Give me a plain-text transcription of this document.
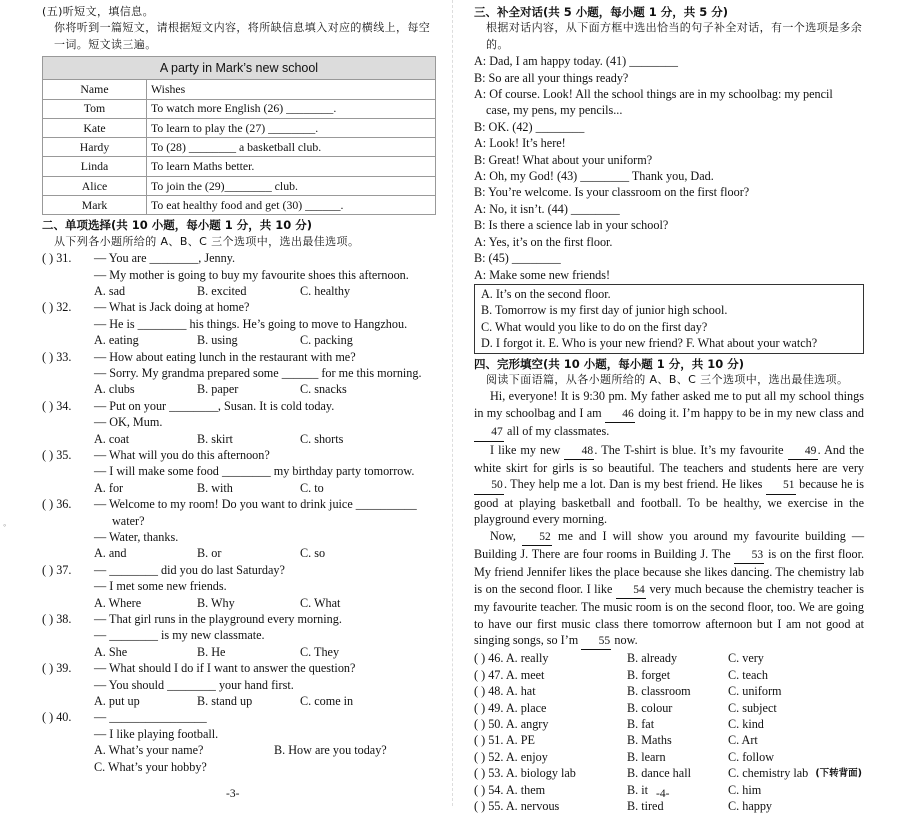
◦
(五)听短文，填信息。
你将听到一篇短文，请根据短文内容，将所缺信息填入对应的横线上，每空一词。短文读三遍。
A party in Mark’s new school	
Name	Wishes
Tom	To watch more English (26) ________.
Kate	To learn to play the (27) ________.
Hardy	To (28) ________ a basketball club.
Linda	To learn Maths better.
Alice	To join the (29)________ club.
Mark	To eat healthy food and get (30) ______.
二、单项选择(共 10 小题，每小题 1 分，共 10 分)
从下列各小题所给的 A、B、C 三个选项中，选出最佳选项。
( ) 31.	— You are ________, Jenny.
— My mother is going to buy my favourite shoes this afternoon.
A. sad	B. excited	C. healthy
( ) 32.	— What is Jack doing at home?
— He is ________ his things. He’s going to move to Hangzhou.
A. eating	B. using	C. packing
( ) 33.	— How about eating lunch in the restaurant with me?
— Sorry. My grandma prepared some ______ for me this morning.
A. clubs	B. paper	C. snacks
( ) 34.	— Put on your ________, Susan. It is cold today.
— OK, Mum.
A. coat	B. skirt	C. shorts
( ) 35.	— What will you do this afternoon?
— I will make some food ________ my birthday party tomorrow.
A. for	B. with	C. to
( ) 36.	— Welcome to my room! Do you want to drink juice __________
water?
— Water, thanks.
A. and	B. or	C. so
( ) 37.	— ________ did you do last Saturday?
— I met some new friends.
A. Where	B. Why	C. What
( ) 38.	— That girl runs in the playground every morning.
— ________ is my new classmate.
A. She	B. He	C. They
( ) 39.	— What should I do if I want to answer the question?
— You should ________ your hand first.
A. put up	B. stand up	C. come in
( ) 40.	— ________________
— I like playing football.
A. What’s your name?	B. How are you today?
C. What’s your hobby?
三、补全对话(共 5 小题，每小题 1 分，共 5 分)
根据对话内容，从下面方框中选出恰当的句子补全对话，有一个选项是多余的。
A: Dad, I am happy today. (41) ________
B: So are all your things ready?
A: Of course. Look! All the school things are in my schoolbag: my pencil
case, my pens, my pencils...
B: OK. (42) ________
A: Look! It’s here!
B: Great! What about your uniform?
A: Oh, my God! (43) ________ Thank you, Dad.
B: You’re welcome. Is your classroom on the first floor?
A: No, it isn’t. (44) ________
B: Is there a science lab in your school?
A: Yes, it’s on the first floor.
B: (45) ________
A: Make some new friends!
A. It’s on the second floor.
B. Tomorrow is my first day of junior high school.
C. What would you like to do on the first day?
D. I forgot it. E. Who is your new friend? F. What about your watch?
四、完形填空(共 10 小题，每小题 1 分，共 10 分)
阅读下面语篇，从各小题所给的 A、B、C 三个选项中，选出最佳选项。
Hi, everyone! It is 9:30 pm. My father asked me to put all my school things in my schoolbag and I am 46 doing it. I’m happy to be in my new class and 47 all of my classmates.
I like my new 48. The T-shirt is blue. It’s my favourite 49. And the white skirt for girls is so beautiful. The teachers and students here are very 50. They help me a lot. Dan is my best friend. He likes 51 because he is good at playing basketball and football. To be healthy, we exercise in the playground every morning.
Now, 52 me and I will show you around my favourite building — Building J. There are four rooms in Building J. The 53 is on the first floor. My friend Jennifer likes the place because she likes dancing. The chemistry lab is on the second floor. I like 54 very much because the chemistry teacher is my favourite teacher. The music room is on the second floor, too. We are going to have our first music class there tomorrow afternoon but I am not good at singing songs, so I’m 55 now.
( ) 46. A. really	B. already	C. very
( ) 47. A. meet	B. forget	C. teach
( ) 48. A. hat	B. classroom	C. uniform
( ) 49. A. place	B. colour	C. subject
( ) 50. A. angry	B. fat	C. kind
( ) 51. A. PE	B. Maths	C. Art
( ) 52. A. enjoy	B. learn	C. follow
( ) 53. A. biology lab	B. dance hall	C. chemistry lab
( ) 54. A. them	B. it	C. him
( ) 55. A. nervous	B. tired	C. happy
(下转背面)
-3-	-4-
